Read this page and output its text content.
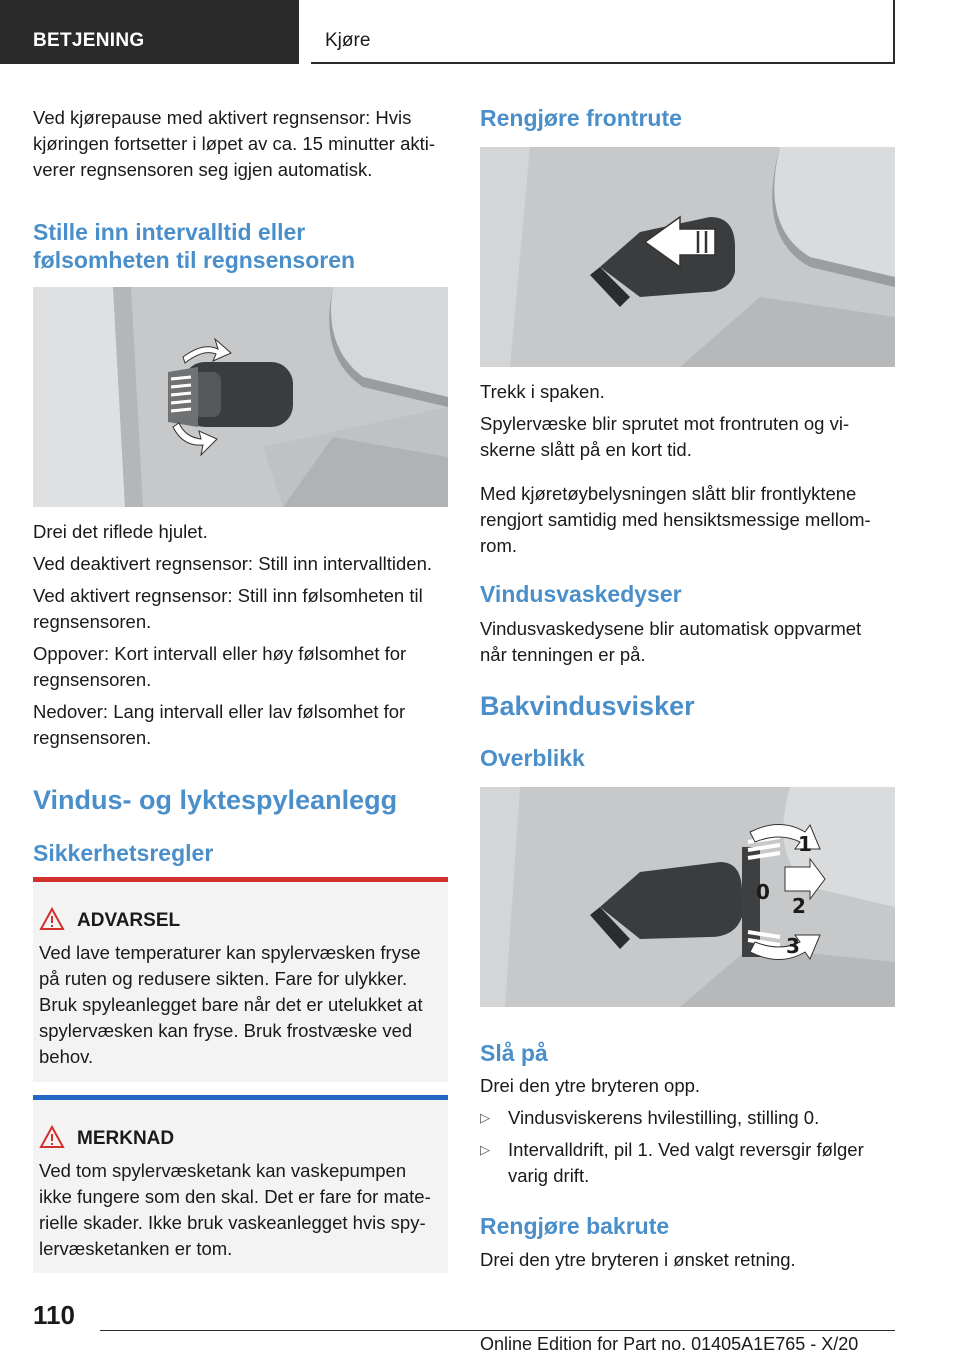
BETJENING	Kjøre

Ved kjørepause med aktivert regnsensor: Hvis

kjøringen fortsetter i løpet av ca. 15 minutter akti-

verer regnsensoren seg igjen automatisk.

Stille inn intervalltid eller
følsomheten til regnsensoren

Drei det riflede hjulet.

Ved deaktivert regnsensor: Still inn intervalltiden.

Ved aktivert regnsensor: Still inn følsomheten til

regnsensoren.

Oppover: Kort intervall eller høy følsomhet for

regnsensoren.

Nedover: Lang intervall eller lav følsomhet for

regnsensoren.

Vindus- og lyktespyleanlegg
Sikkerhetsregler
ADVARSEL
Ved lave temperaturer kan spylervæsken fryse
på ruten og redusere sikten. Fare for ulykker.
Bruk spyleanlegget bare når det er utelukket at
spylervæsken kan fryse. Bruk frostvæske ved
behov.
MERKNAD
Ved tom spylervæsketank kan vaskepumpen
ikke fungere som den skal. Det er fare for mate-
rielle skader. Ikke bruk vaskeanlegget hvis spy-
lervæsketanken er tom.
Rengjøre frontrute

Trekk i spaken.

Spylervæske blir sprutet mot frontruten og vi-

skerne slått på en kort tid.

Med kjøretøybelysningen slått blir frontlyktene

rengjort samtidig med hensiktsmessige mellom-

rom.

Vindusvaskedyser

Vindusvaskedysene blir automatisk oppvarmet

når tenningen er på.

Bakvindusvisker
Overblikk
1
0
2
3
Slå på

Drei den ytre bryteren opp.

▷ Vindusviskerens hvilestilling, stilling 0.

▷ Intervalldrift, pil 1. Ved valgt reversgir følger

varig drift.

Rengjøre bakrute

Drei den ytre bryteren i ønsket retning.

110
Online Edition for Part no. 01405A1E765 - X/20
